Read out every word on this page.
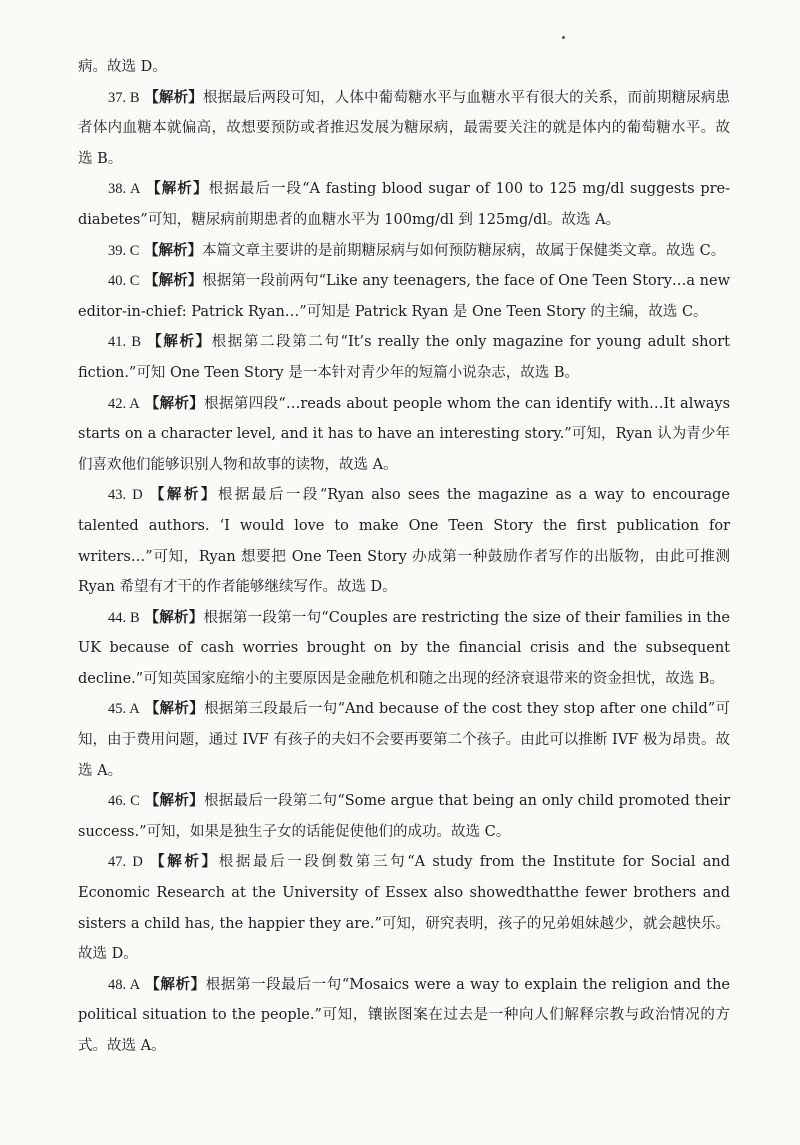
病。故选 D。

37. B 【解析】根据最后两段可知，人体中葡萄糖水平与血糖水平有很大的关系，而前期糖尿病患者体内血糖本就偏高，故想要预防或者推迟发展为糖尿病，最需要关注的就是体内的葡萄糖水平。故选 B。

38. A 【解析】根据最后一段“A fasting blood sugar of 100 to 125 mg/dl suggests pre-diabetes”可知，糖尿病前期患者的血糖水平为 100mg/dl 到 125mg/dl。故选 A。

39. C 【解析】本篇文章主要讲的是前期糖尿病与如何预防糖尿病，故属于保健类文章。故选 C。

40. C 【解析】根据第一段前两句“Like any teenagers, the face of One Teen Story…a new editor-in-chief: Patrick Ryan…”可知是 Patrick Ryan 是 One Teen Story 的主编，故选 C。

41. B 【解析】根据第二段第二句“It’s really the only magazine for young adult short fiction.”可知 One Teen Story 是一本针对青少年的短篇小说杂志，故选 B。

42. A 【解析】根据第四段“…reads about people whom the can identify with…It always starts on a character level, and it has to have an interesting story.”可知，Ryan 认为青少年们喜欢他们能够识别人物和故事的读物，故选 A。

43. D 【解析】根据最后一段“Ryan also sees the magazine as a way to encourage talented authors. ‘I would love to make One Teen Story the first publication for writers…”可知，Ryan 想要把 One Teen Story 办成第一种鼓励作者写作的出版物，由此可推测 Ryan 希望有才干的作者能够继续写作。故选 D。

44. B 【解析】根据第一段第一句“Couples are restricting the size of their families in the UK because of cash worries brought on by the financial crisis and the subsequent decline.”可知英国家庭缩小的主要原因是金融危机和随之出现的经济衰退带来的资金担忧，故选 B。

45. A 【解析】根据第三段最后一句“And because of the cost they stop after one child”可知，由于费用问题，通过 IVF 有孩子的夫妇不会要再要第二个孩子。由此可以推断 IVF 极为昂贵。故选 A。

46. C 【解析】根据最后一段第二句“Some argue that being an only child promoted their success.”可知，如果是独生子女的话能促使他们的成功。故选 C。

47. D 【解析】根据最后一段倒数第三句“A study from the Institute for Social and Economic Research at the University of Essex also showedthatthe fewer brothers and sisters a child has, the happier they are.”可知，研究表明，孩子的兄弟姐妹越少，就会越快乐。故选 D。

48. A 【解析】根据第一段最后一句“Mosaics were a way to explain the religion and the political situation to the people.”可知，镶嵌图案在过去是一种向人们解释宗教与政治情况的方式。故选 A。
